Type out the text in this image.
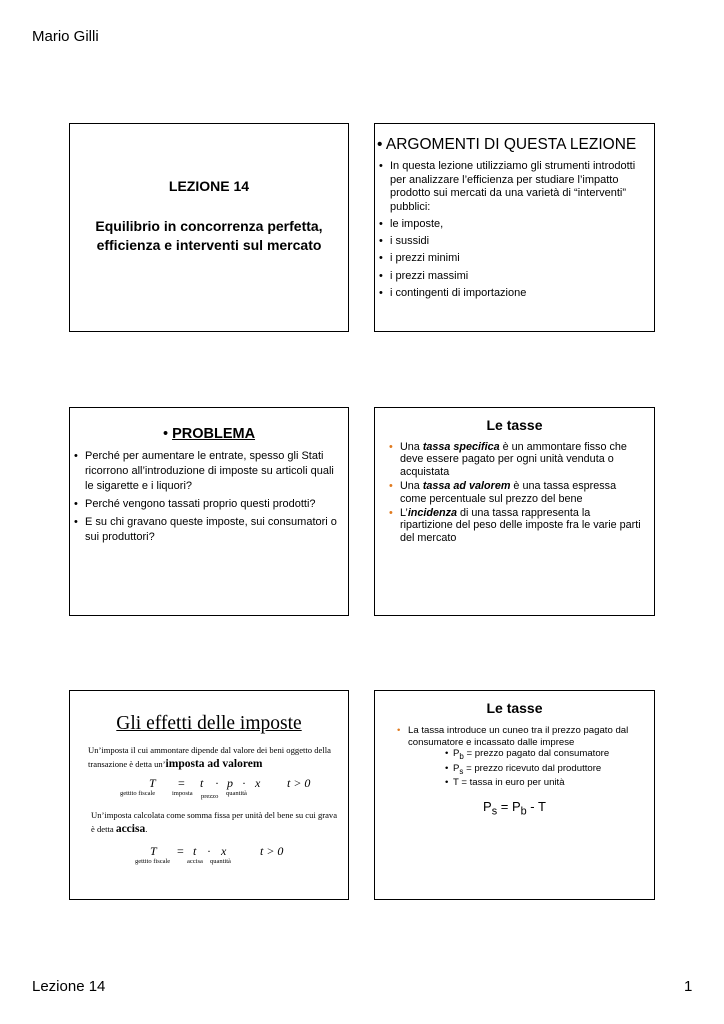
Mario Gilli
LEZIONE 14
Equilibrio in concorrenza perfetta, efficienza e interventi sul mercato
• ARGOMENTI DI QUESTA LEZIONE
• In questa lezione utilizziamo gli strumenti introdotti per analizzare l’efficienza per studiare l’impatto prodotto sui mercati da una varietà di “interventi” pubblici:
• le imposte,
• i sussidi
• i prezzi minimi
• i prezzi massimi
• i contingenti di importazione
• PROBLEMA
• Perché per aumentare le entrate, spesso gli Stati ricorrono all’introduzione di imposte su articoli quali le sigarette e i liquori?
• Perché vengono tassati proprio questi prodotti?
• E su chi gravano queste imposte, sui consumatori o sui produttori?
Le tasse
• Una tassa specifica è un ammontare fisso che deve essere pagato per ogni unità venduta o acquistata
• Una tassa ad valorem è una tassa espressa come percentuale sul prezzo del bene
• L’incidenza di una tassa rappresenta la ripartizione del peso delle imposte fra le varie parti del mercato
Gli effetti delle imposte
Un’imposta il cui ammontare dipende dal valore dei beni oggetto della transazione è detta un’imposta ad valorem
T = t · p · x t > 0
gettito fiscale	imposta prezzo quantità
Un’imposta calcolata come somma fissa per unità del bene su cui grava è detta accisa.
T = t · x	t > 0
gettito fiscale	accisa quantità
Le tasse
• La tassa introduce un cuneo tra il prezzo pagato dal consumatore e incassato dalle imprese
• $P_b$ = prezzo pagato dal consumatore
• $P_s$ = prezzo ricevuto dal produttore
• T = tassa in euro per unità
$P_s = P_b - T$
Lezione 14	1
